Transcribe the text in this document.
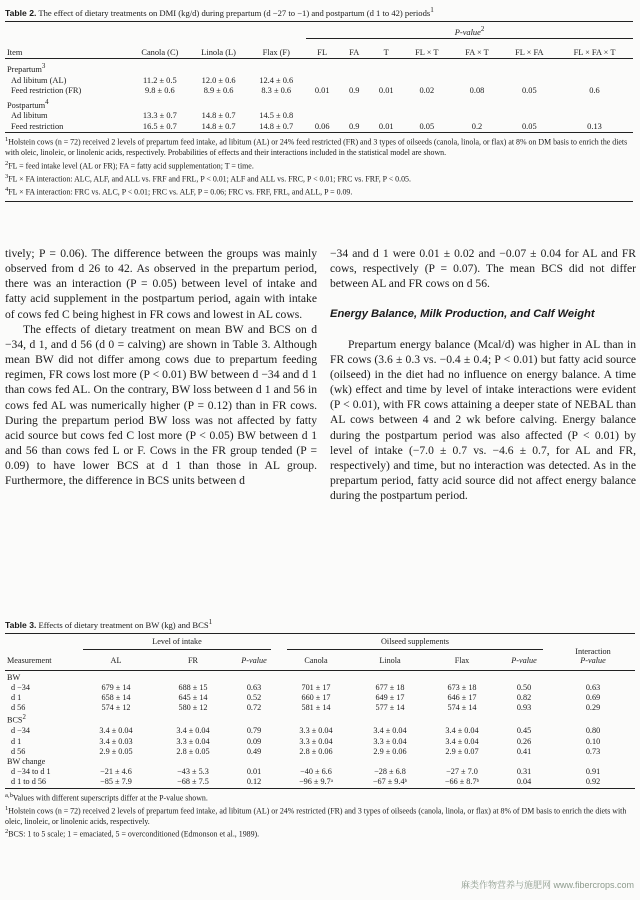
Table 2. The effect of dietary treatments on DMI (kg/d) during prepartum (d −27 to −1) and postpartum (d 1 to 42) periods$^1$
				P-value$^2$
Item	Canola (C)	Linola (L)	Flax (F)	FL	FA	T	FL × T	FA × T	FL × FA	FL × FA × T
Prepartum$^3$										
Ad libitum (AL)	11.2 ± 0.5	12.0 ± 0.6	12.4 ± 0.6							
Feed restriction (FR)	9.8 ± 0.6	8.9 ± 0.6	8.3 ± 0.6	0.01	0.9	0.01	0.02	0.08	0.05	0.6
Postpartum$^4$										
Ad libitum	13.3 ± 0.7	14.8 ± 0.7	14.5 ± 0.8							
Feed restriction	16.5 ± 0.7	14.8 ± 0.7	14.8 ± 0.7	0.06	0.9	0.01	0.05	0.2	0.05	0.13

$^1$Holstein cows (n = 72) received 2 levels of prepartum feed intake, ad libitum (AL) or 24% feed restricted (FR) and 3 types of oilseeds (canola, linola, or flax) at 8% on DM basis to enrich the diets with oleic, linoleic, or linolenic acids, respectively. Probabilities of effects and their interactions included in the statistical model are shown.

$^2$FL = feed intake level (AL or FR); FA = fatty acid supplementation; T = time.

$^3$FL × FA interaction: ALC, ALF, and ALL vs. FRF and FRL, P < 0.01; ALF and ALL vs. FRC, P < 0.01; FRC vs. FRF, P < 0.05.

$^4$FL × FA interaction: FRC vs. ALC, P < 0.01; FRC vs. ALF, P = 0.06; FRC vs. FRF, FRL, and ALL, P = 0.09.

tively; P = 0.06). The difference between the groups was mainly observed from d 26 to 42. As observed in the prepartum period, there was an interaction (P = 0.05) between level of intake and fatty acid supplement in the postpartum period, again with intake of cows fed C being highest in FR cows and lowest in AL cows.

The effects of dietary treatment on mean BW and BCS on d −34, d 1, and d 56 (d 0 = calving) are shown in Table 3. Although mean BW did not differ among cows due to prepartum feeding regimen, FR cows lost more (P < 0.01) BW between d −34 and d 1 than cows fed AL. On the contrary, BW loss between d 1 and 56 in cows fed AL was numerically higher (P = 0.12) than in FR cows. During the prepartum period BW loss was not affected by fatty acid source but cows fed C lost more (P < 0.05) BW between d 1 and 56 than cows fed L or F. Cows in the FR group tended (P = 0.09) to have lower BCS at d 1 than those in AL group. Furthermore, the difference in BCS units between d

−34 and d 1 were 0.01 ± 0.02 and −0.07 ± 0.04 for AL and FR cows, respectively (P = 0.07). The mean BCS did not differ between AL and FR cows on d 56.

Energy Balance, Milk Production, and Calf Weight

Prepartum energy balance (Mcal/d) was higher in AL than in FR cows (3.6 ± 0.3 vs. −0.4 ± 0.4; P < 0.01) but fatty acid source (oilseed) in the diet had no influence on energy balance. A time (wk) effect and time by level of intake interactions were evident (P < 0.01), with FR cows attaining a deeper state of NEBAL than AL cows between 4 and 2 wk before calving. Energy balance during the postpartum period was also affected (P < 0.01) by level of intake (−7.0 ± 0.7 vs. −4.6 ± 0.7, for AL and FR, respectively) and time, but no interaction was detected. As in the prepartum period, fatty acid source did not affect energy balance during the postpartum period.

Table 3. Effects of dietary treatment on BW (kg) and BCS$^1$
	Level of intake			Oilseed supplements				

						Interaction
Measurement	AL	FR	P-value	Canola	Linola	Flax	P-value	P-value
BW								
d −34	679 ± 14	688 ± 15	0.63	701 ± 17	677 ± 18	673 ± 18	0.50	0.63
d 1	658 ± 14	645 ± 14	0.52	660 ± 17	649 ± 17	646 ± 17	0.82	0.69
d 56	574 ± 12	580 ± 12	0.72	581 ± 14	577 ± 14	574 ± 14	0.93	0.29
BCS$^2$								
d −34	3.4 ± 0.04	3.4 ± 0.04	0.79	3.3 ± 0.04	3.4 ± 0.04	3.4 ± 0.04	0.45	0.80
d 1	3.4 ± 0.03	3.3 ± 0.04	0.09	3.3 ± 0.04	3.3 ± 0.04	3.4 ± 0.04	0.26	0.10
d 56	2.9 ± 0.05	2.8 ± 0.05	0.49	2.8 ± 0.06	2.9 ± 0.06	2.9 ± 0.07	0.41	0.73
BW change								
d −34 to d 1	−21 ± 4.6	−43 ± 5.3	0.01	−40 ± 6.6	−28 ± 6.8	−27 ± 7.0	0.31	0.91
d 1 to d 56	−85 ± 7.9	−68 ± 7.5	0.12	−96 ± 9.7ᵃ	−67 ± 9.4ᵇ	−66 ± 8.7ᵇ	0.04	0.92

$^{a,b}$Values with different superscripts differ at the P-value shown.

$^1$Holstein cows (n = 72) received 2 levels of prepartum feed intake, ad libitum (AL) or 24% restricted (FR) and 3 types of oilseeds (canola, linola, or flax) at 8% of DM basis to enrich the diets with oleic, linoleic, or linolenic acids, respectively.

$^2$BCS: 1 to 5 scale; 1 = emaciated, 5 = overconditioned (Edmonson et al., 1989).

麻类作物营养与施肥网 www.fibercrops.com
